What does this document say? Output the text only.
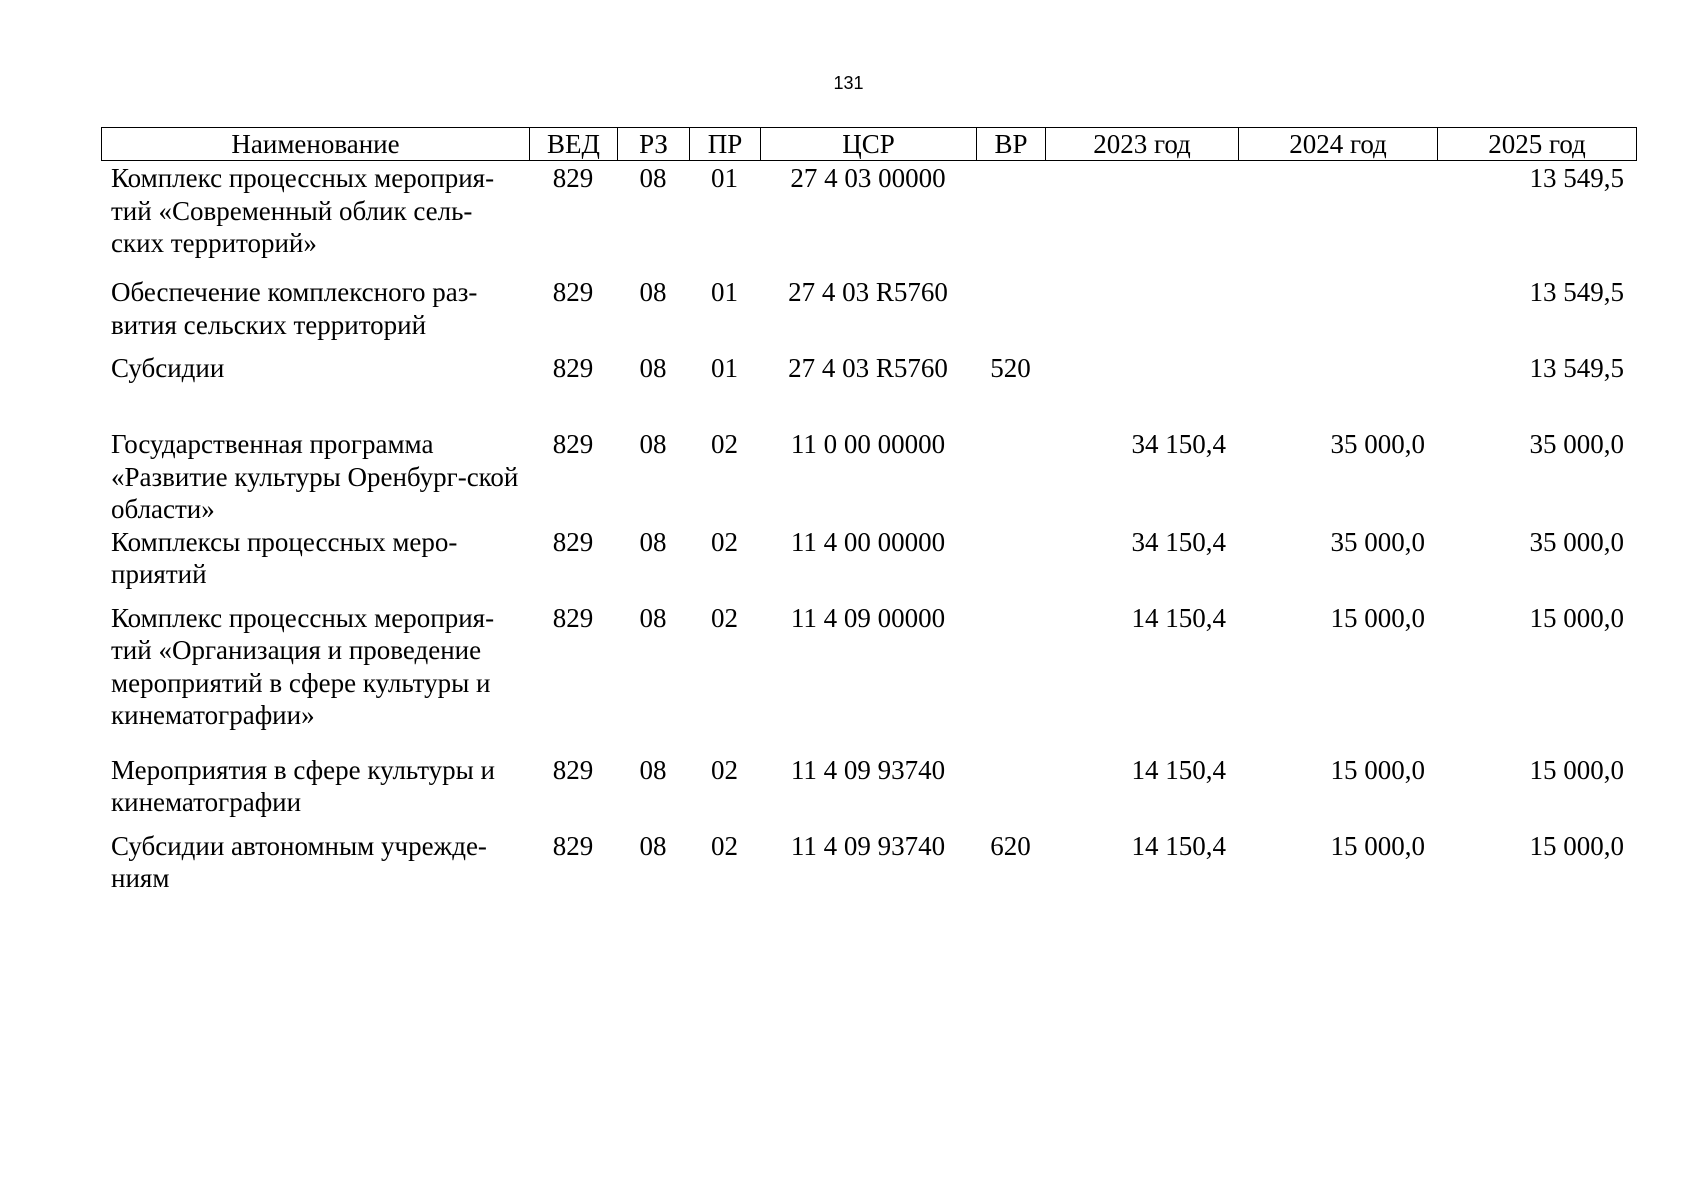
131
Наименование	ВЕД	РЗ	ПР	ЦСР	ВР	2023 год	2024 год	2025 год
Комплекс процессных мероприя-тий «Современный облик сель-ских территорий»	829	08	01	27 4 03 00000				13 549,5
Обеспечение комплексного раз-вития сельских территорий	829	08	01	27 4 03 R5760				13 549,5
Субсидии	829	08	01	27 4 03 R5760	520			13 549,5
Государственная программа «Развитие культуры Оренбург-ской области»	829	08	02	11 0 00 00000		34 150,4	35 000,0	35 000,0
Комплексы процессных меро-приятий	829	08	02	11 4 00 00000		34 150,4	35 000,0	35 000,0
Комплекс процессных мероприя-тий «Организация и проведение мероприятий в сфере культуры и кинематографии»	829	08	02	11 4 09 00000		14 150,4	15 000,0	15 000,0
Мероприятия в сфере культуры и кинематографии	829	08	02	11 4 09 93740		14 150,4	15 000,0	15 000,0
Субсидии автономным учрежде-ниям	829	08	02	11 4 09 93740	620	14 150,4	15 000,0	15 000,0
